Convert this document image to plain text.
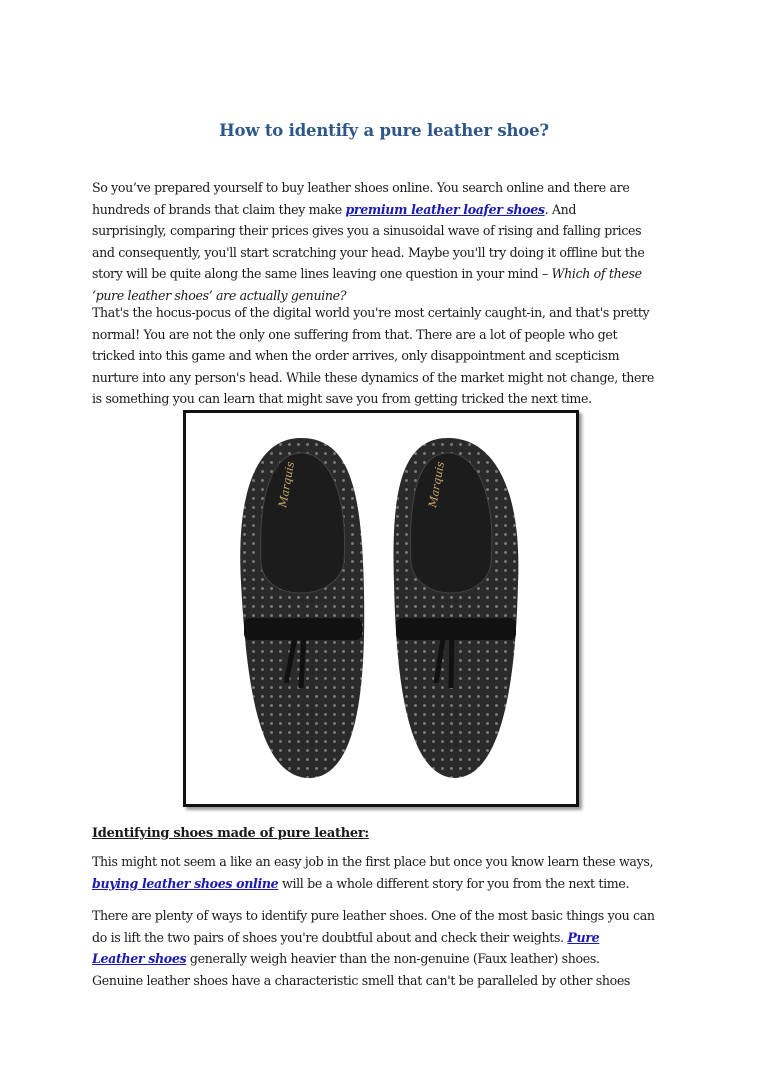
How to identify a pure leather shoe?

So you’ve prepared yourself to buy leather shoes online. You search online and there are
hundreds of brands that claim they make premium leather loafer shoes. And
surprisingly, comparing their prices gives you a sinusoidal wave of rising and falling prices
and consequently, you'll start scratching your head. Maybe you'll try doing it offline but the
story will be quite along the same lines leaving one question in your mind – Which of these
‘pure leather shoes’ are actually genuine?

That's the hocus-pocus of the digital world you're most certainly caught-in, and that's pretty
normal! You are not the only one suffering from that. There are a lot of people who get
tricked into this game and when the order arrives, only disappointment and scepticism
nurture into any person's head. While these dynamics of the market might not change, there
is something you can learn that might save you from getting tricked the next time.

Marquis	Marquis
Identifying shoes made of pure leather:

This might not seem a like an easy job in the first place but once you know learn these ways,
buying leather shoes online will be a whole different story for you from the next time.

There are plenty of ways to identify pure leather shoes. One of the most basic things you can
do is lift the two pairs of shoes you're doubtful about and check their weights. Pure
Leather shoes generally weigh heavier than the non-genuine (Faux leather) shoes.
Genuine leather shoes have a characteristic smell that can't be paralleled by other shoes
